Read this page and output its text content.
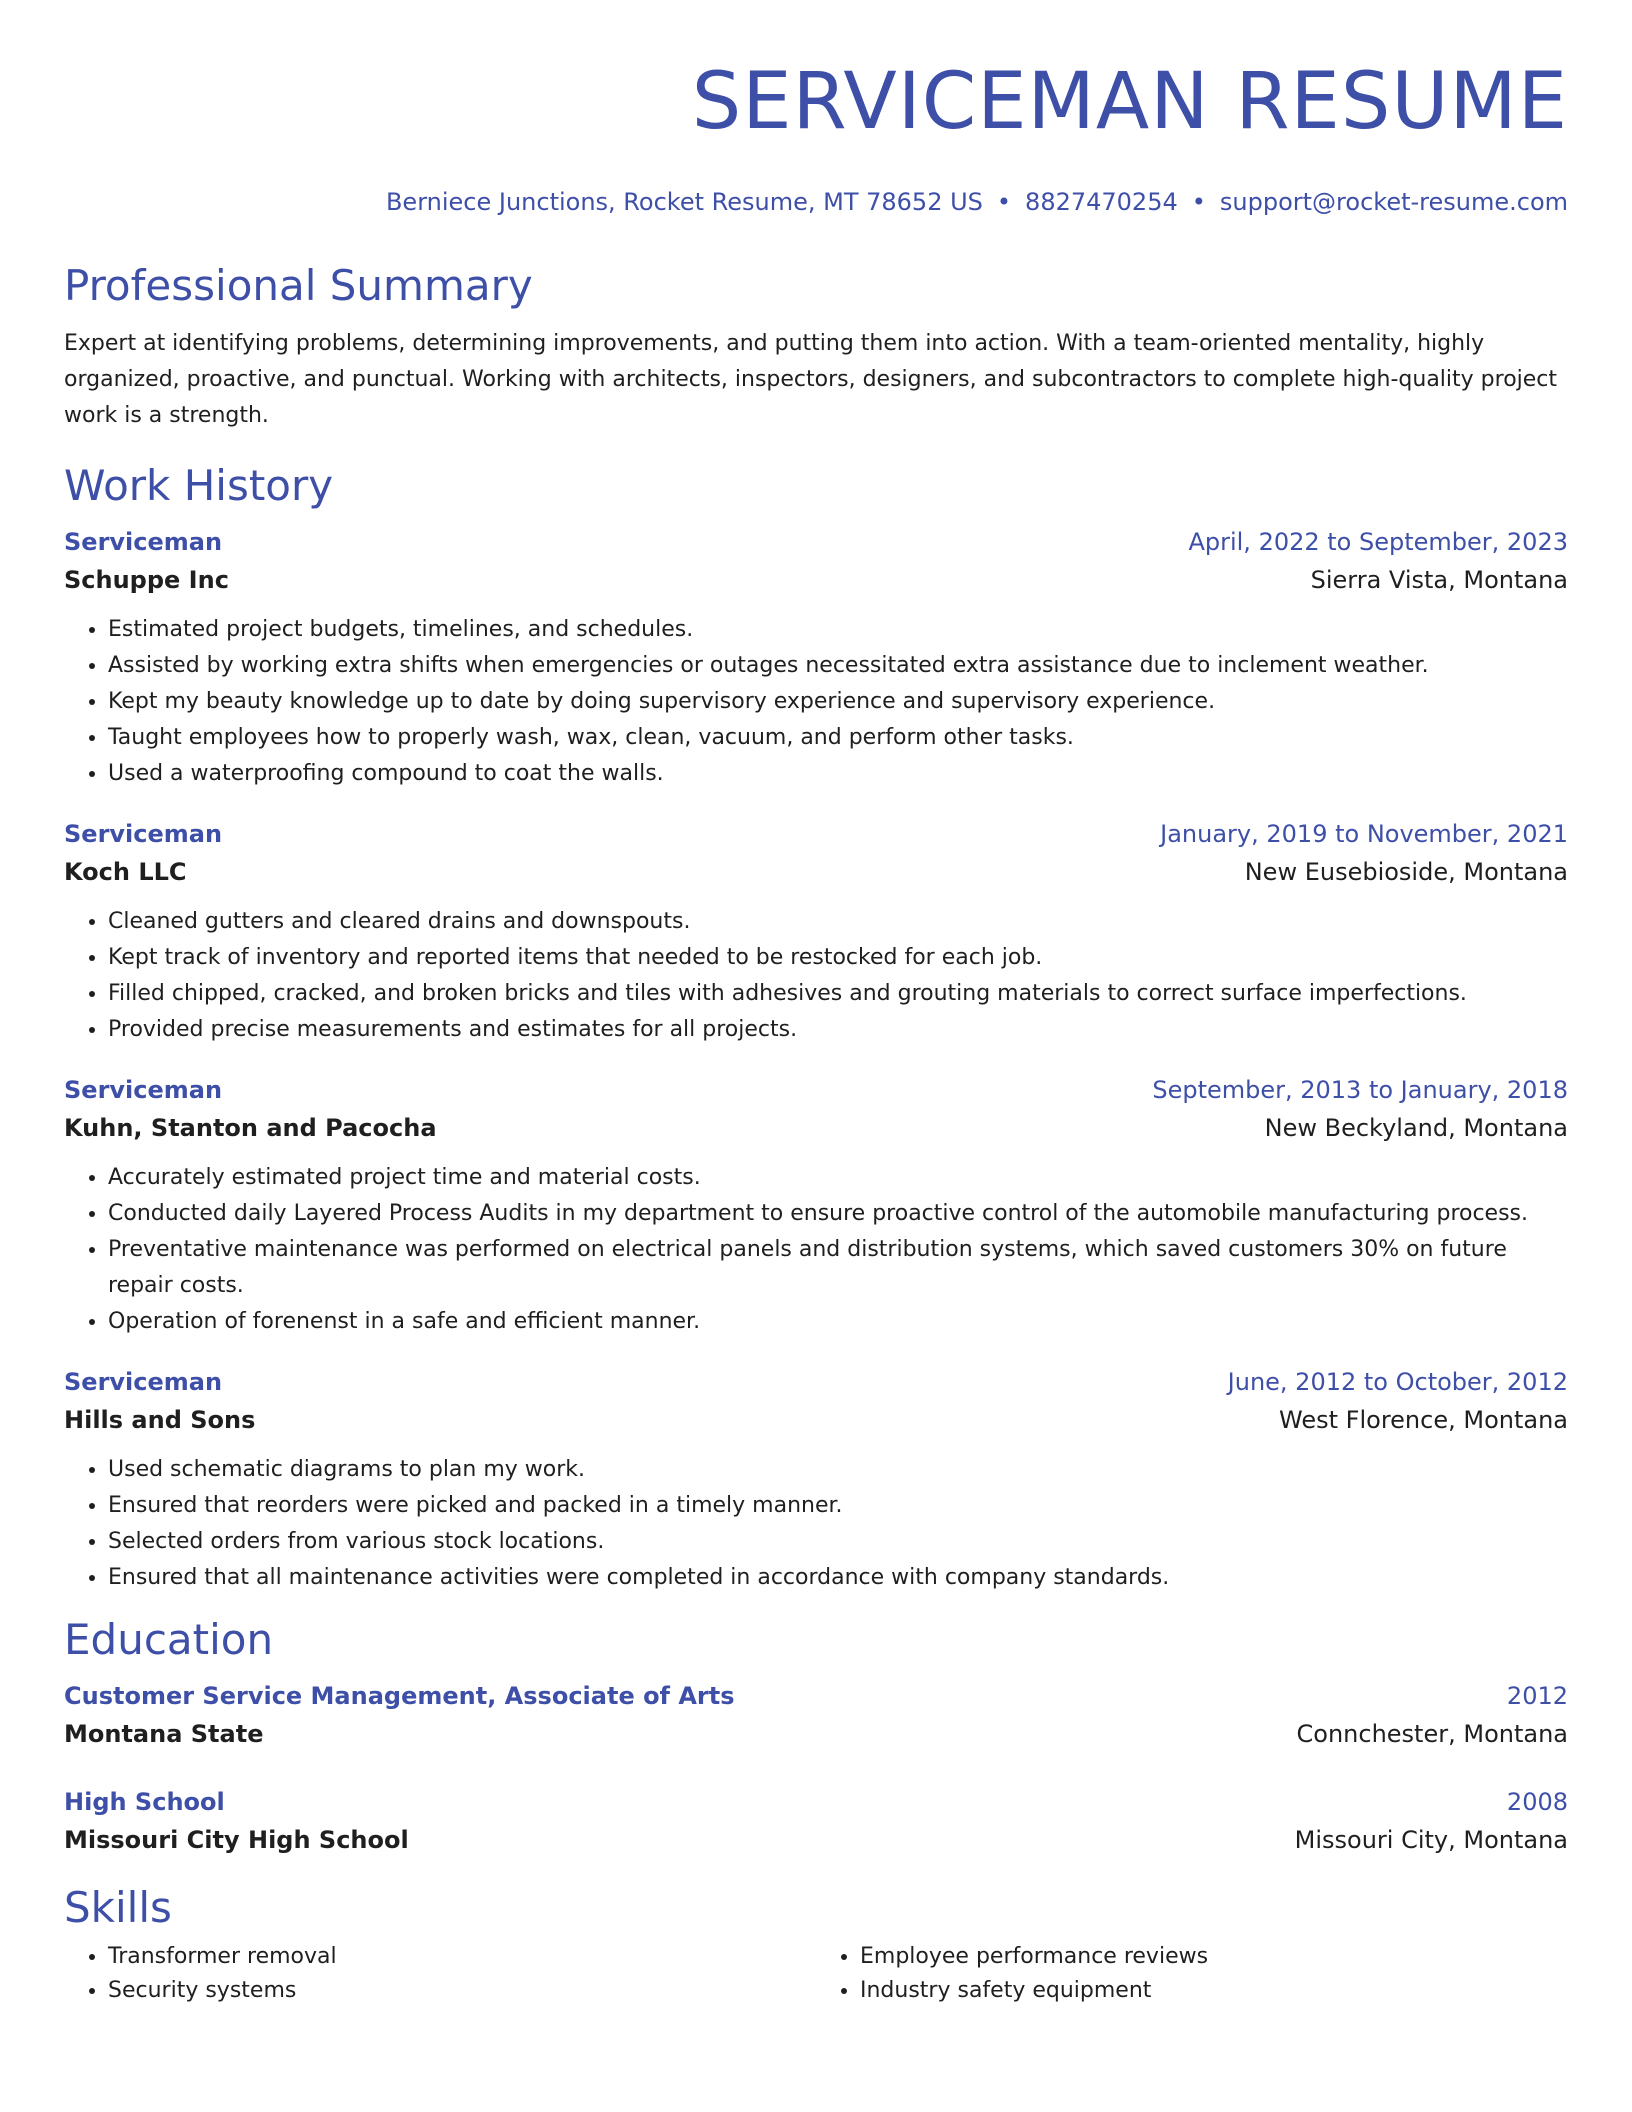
SERVICEMAN RESUME
Berniece Junctions, Rocket Resume, MT 78652 US • 8827470254 • support@rocket-resume.com
Professional Summary
Expert at identifying problems, determining improvements, and putting them into action. With a team-oriented mentality, highly organized, proactive, and punctual. Working with architects, inspectors, designers, and subcontractors to complete high-quality project work is a strength.
Work History
Serviceman	April, 2022 to September, 2023
Schuppe Inc	Sierra Vista, Montana
• Estimated project budgets, timelines, and schedules.
• Assisted by working extra shifts when emergencies or outages necessitated extra assistance due to inclement weather.
• Kept my beauty knowledge up to date by doing supervisory experience and supervisory experience.
• Taught employees how to properly wash, wax, clean, vacuum, and perform other tasks.
• Used a waterproofing compound to coat the walls.
Serviceman	January, 2019 to November, 2021
Koch LLC	New Eusebioside, Montana
• Cleaned gutters and cleared drains and downspouts.
• Kept track of inventory and reported items that needed to be restocked for each job.
• Filled chipped, cracked, and broken bricks and tiles with adhesives and grouting materials to correct surface imperfections.
• Provided precise measurements and estimates for all projects.
Serviceman	September, 2013 to January, 2018
Kuhn, Stanton and Pacocha	New Beckyland, Montana
• Accurately estimated project time and material costs.
• Conducted daily Layered Process Audits in my department to ensure proactive control of the automobile manufacturing process.
• Preventative maintenance was performed on electrical panels and distribution systems, which saved customers 30% on future repair costs.
• Operation of forenenst in a safe and efficient manner.
Serviceman	June, 2012 to October, 2012
Hills and Sons	West Florence, Montana
• Used schematic diagrams to plan my work.
• Ensured that reorders were picked and packed in a timely manner.
• Selected orders from various stock locations.
• Ensured that all maintenance activities were completed in accordance with company standards.
Education
Customer Service Management, Associate of Arts	2012
Montana State	Connchester, Montana
High School	2008
Missouri City High School	Missouri City, Montana
Skills
• Transformer removal
• Security systems
• Employee performance reviews
• Industry safety equipment
